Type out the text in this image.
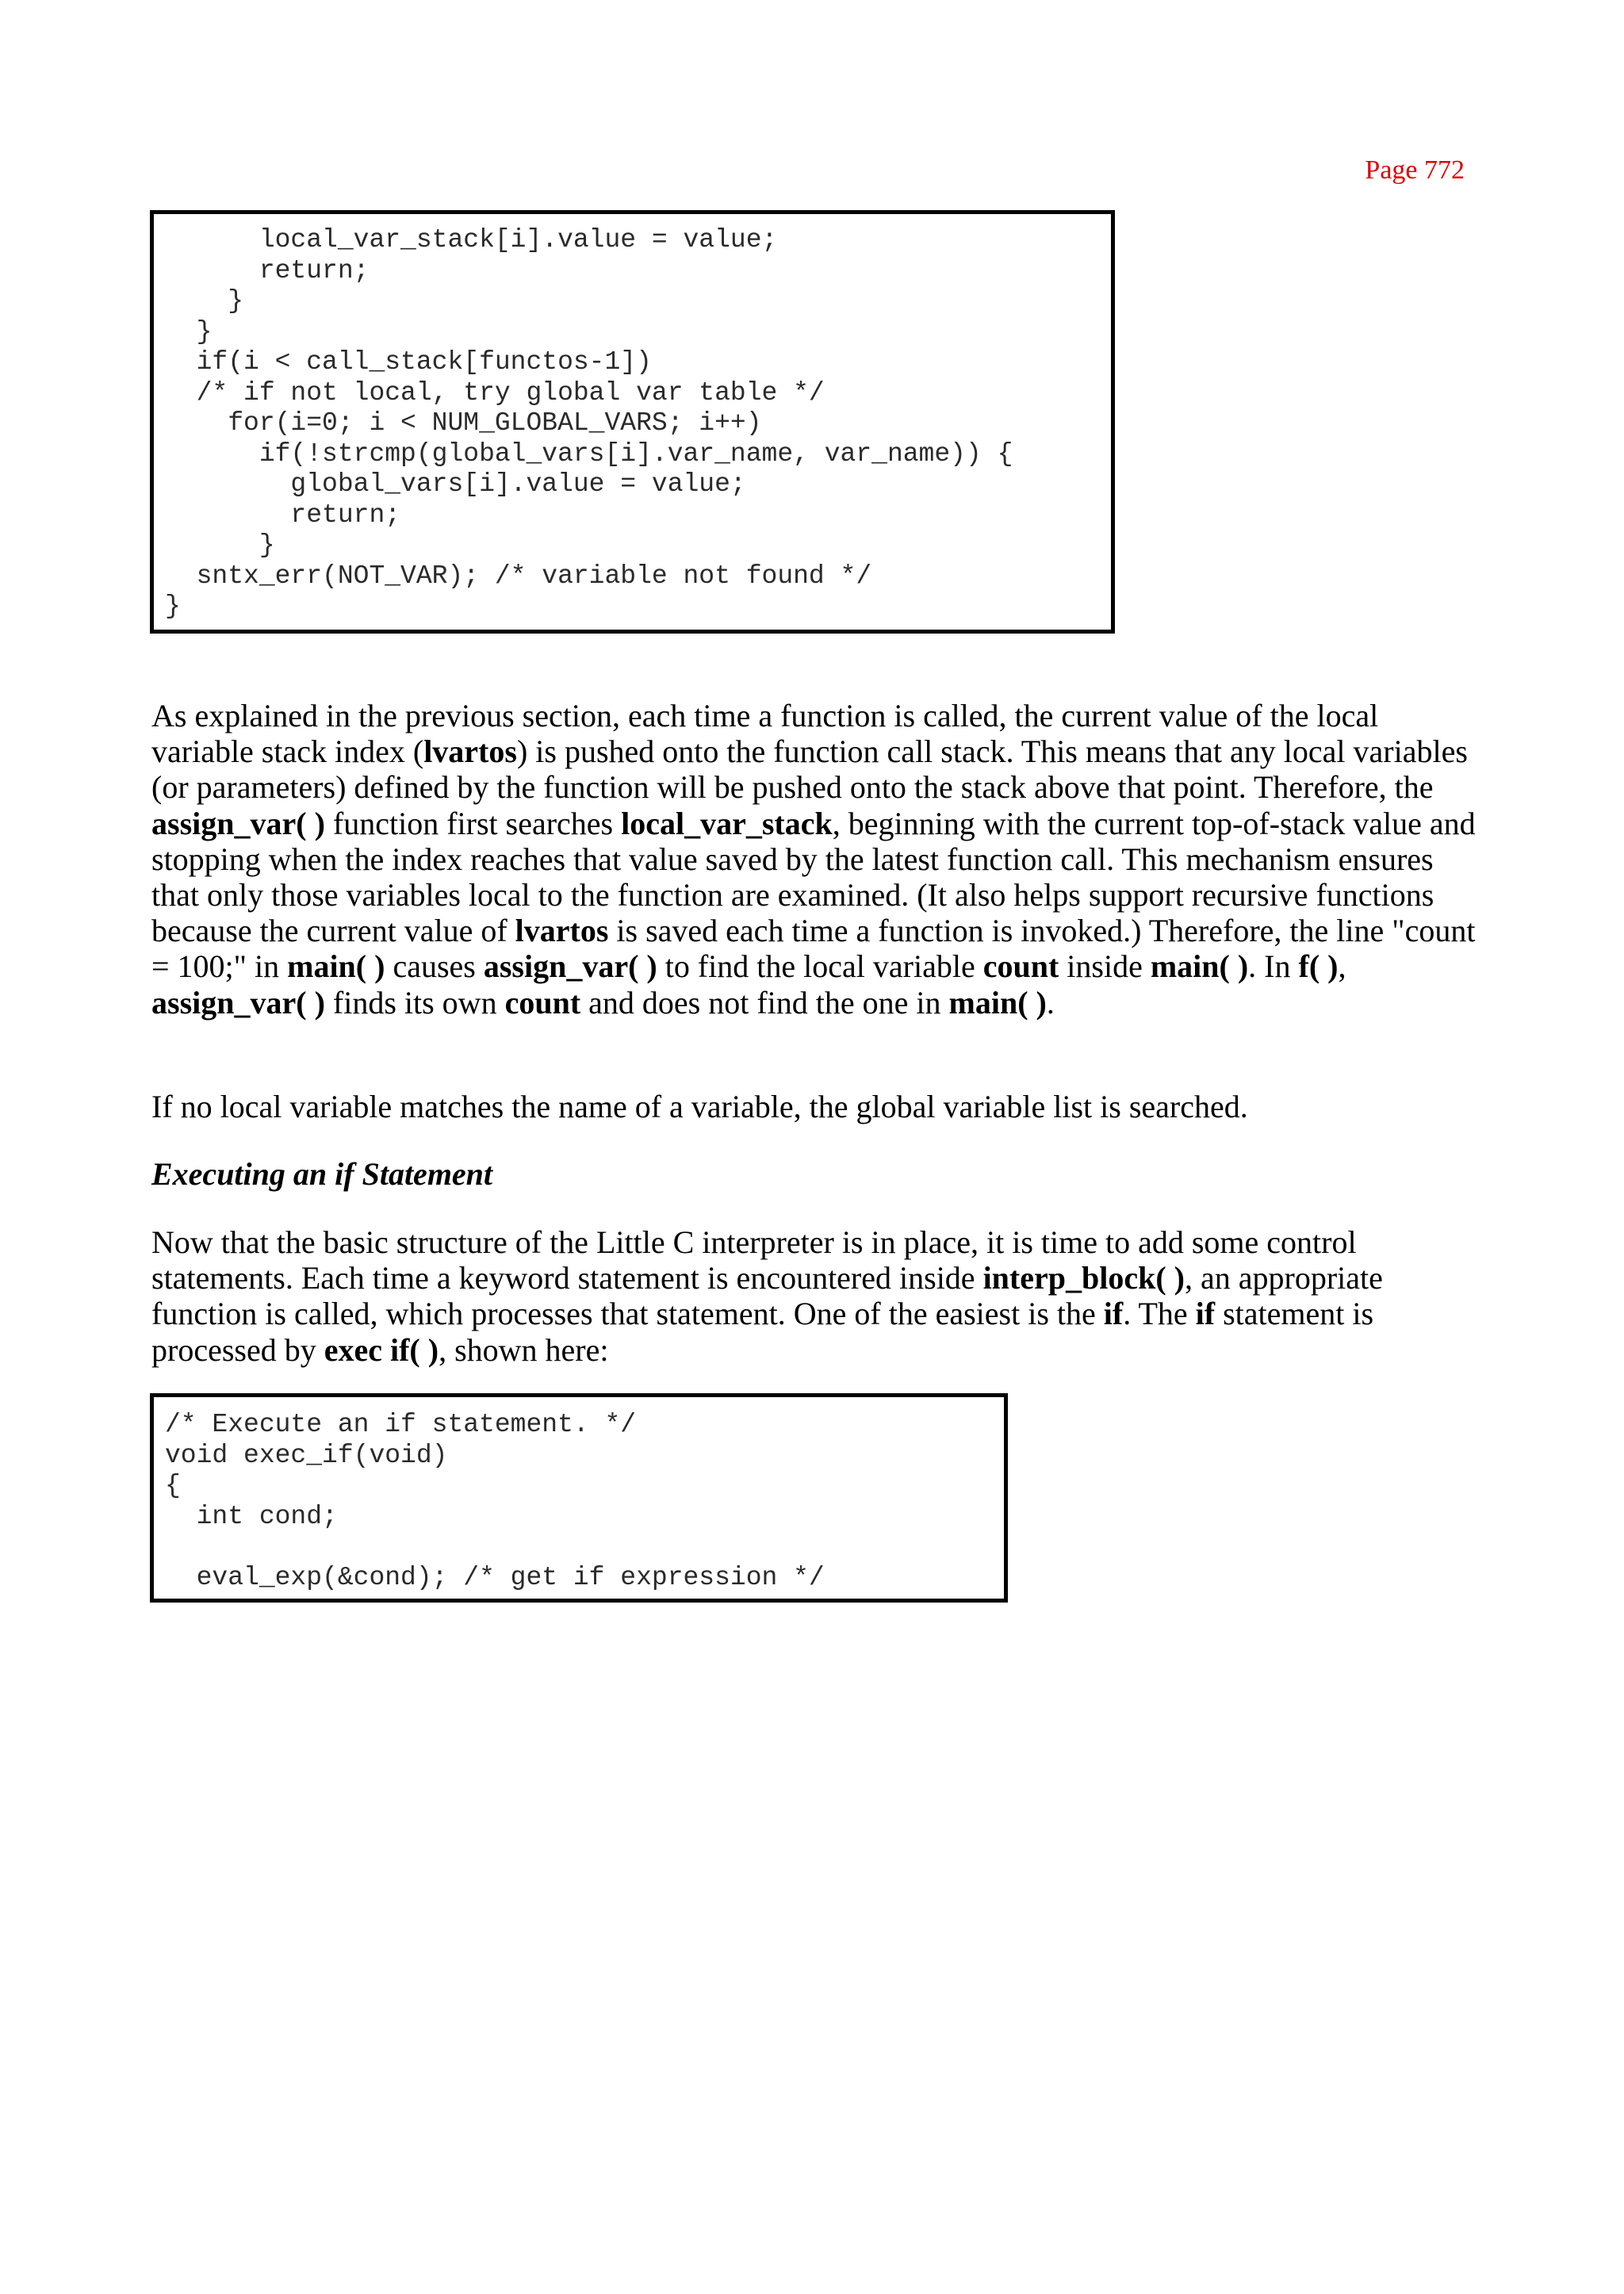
Page 772
local_var_stack[i].value = value;
return;
}
}
if(i < call_stack[functos-1])
/* if not local, try global var table */
for(i=0; i < NUM_GLOBAL_VARS; i++)
if(!strcmp(global_vars[i].var_name, var_name)) {
global_vars[i].value = value;
return;
}
sntx_err(NOT_VAR); /* variable not found */
}

As explained in the previous section, each time a function is called, the current value of the local variable stack index (lvartos) is pushed onto the function call stack. This means that any local variables (or parameters) defined by the function will be pushed onto the stack above that point. Therefore, the assign_var( ) function first searches local_var_stack, beginning with the current top-of-stack value and stopping when the index reaches that value saved by the latest function call. This mechanism ensures that only those variables local to the function are examined. (It also helps support recursive functions because the current value of lvartos is saved each time a function is invoked.) Therefore, the line "count = 100;" in main( ) causes assign_var( ) to find the local variable count inside main( ). In f( ), assign_var( ) finds its own count and does not find the one in main( ).

If no local variable matches the name of a variable, the global variable list is searched.

Executing an if Statement

Now that the basic structure of the Little C interpreter is in place, it is time to add some control statements. Each time a keyword statement is encountered inside interp_block( ), an appropriate function is called, which processes that statement. One of the easiest is the if. The if statement is processed by exec if( ), shown here:

/* Execute an if statement. */
void exec_if(void)
{
int cond;

eval_exp(&cond); /* get if expression */
